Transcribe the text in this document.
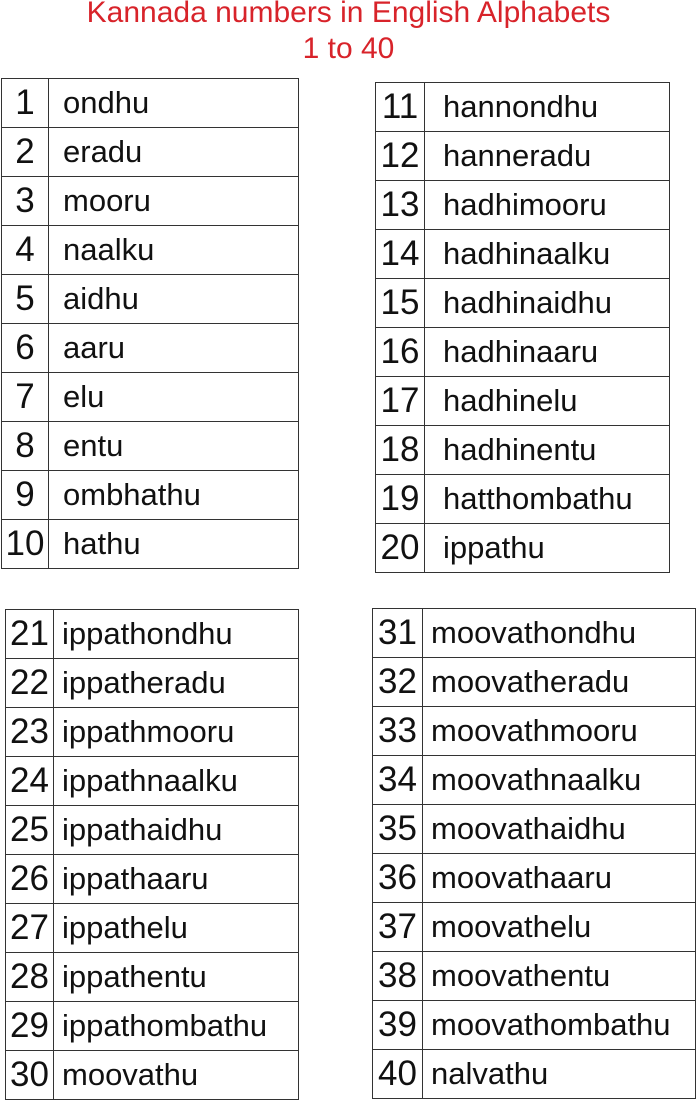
Kannada numbers in English Alphabets
1 to 40
1	ondhu
2	eradu
3	mooru
4	naalku
5	aidhu
6	aaru
7	elu
8	entu
9	ombhathu
10	hathu
11	hannondhu
12	hanneradu
13	hadhimooru
14	hadhinaalku
15	hadhinaidhu
16	hadhinaaru
17	hadhinelu
18	hadhinentu
19	hatthombathu
20	ippathu
21	ippathondhu
22	ippatheradu
23	ippathmooru
24	ippathnaalku
25	ippathaidhu
26	ippathaaru
27	ippathelu
28	ippathentu
29	ippathombathu
30	moovathu
31	moovathondhu
32	moovatheradu
33	moovathmooru
34	moovathnaalku
35	moovathaidhu
36	moovathaaru
37	moovathelu
38	moovathentu
39	moovathombathu
40	nalvathu
